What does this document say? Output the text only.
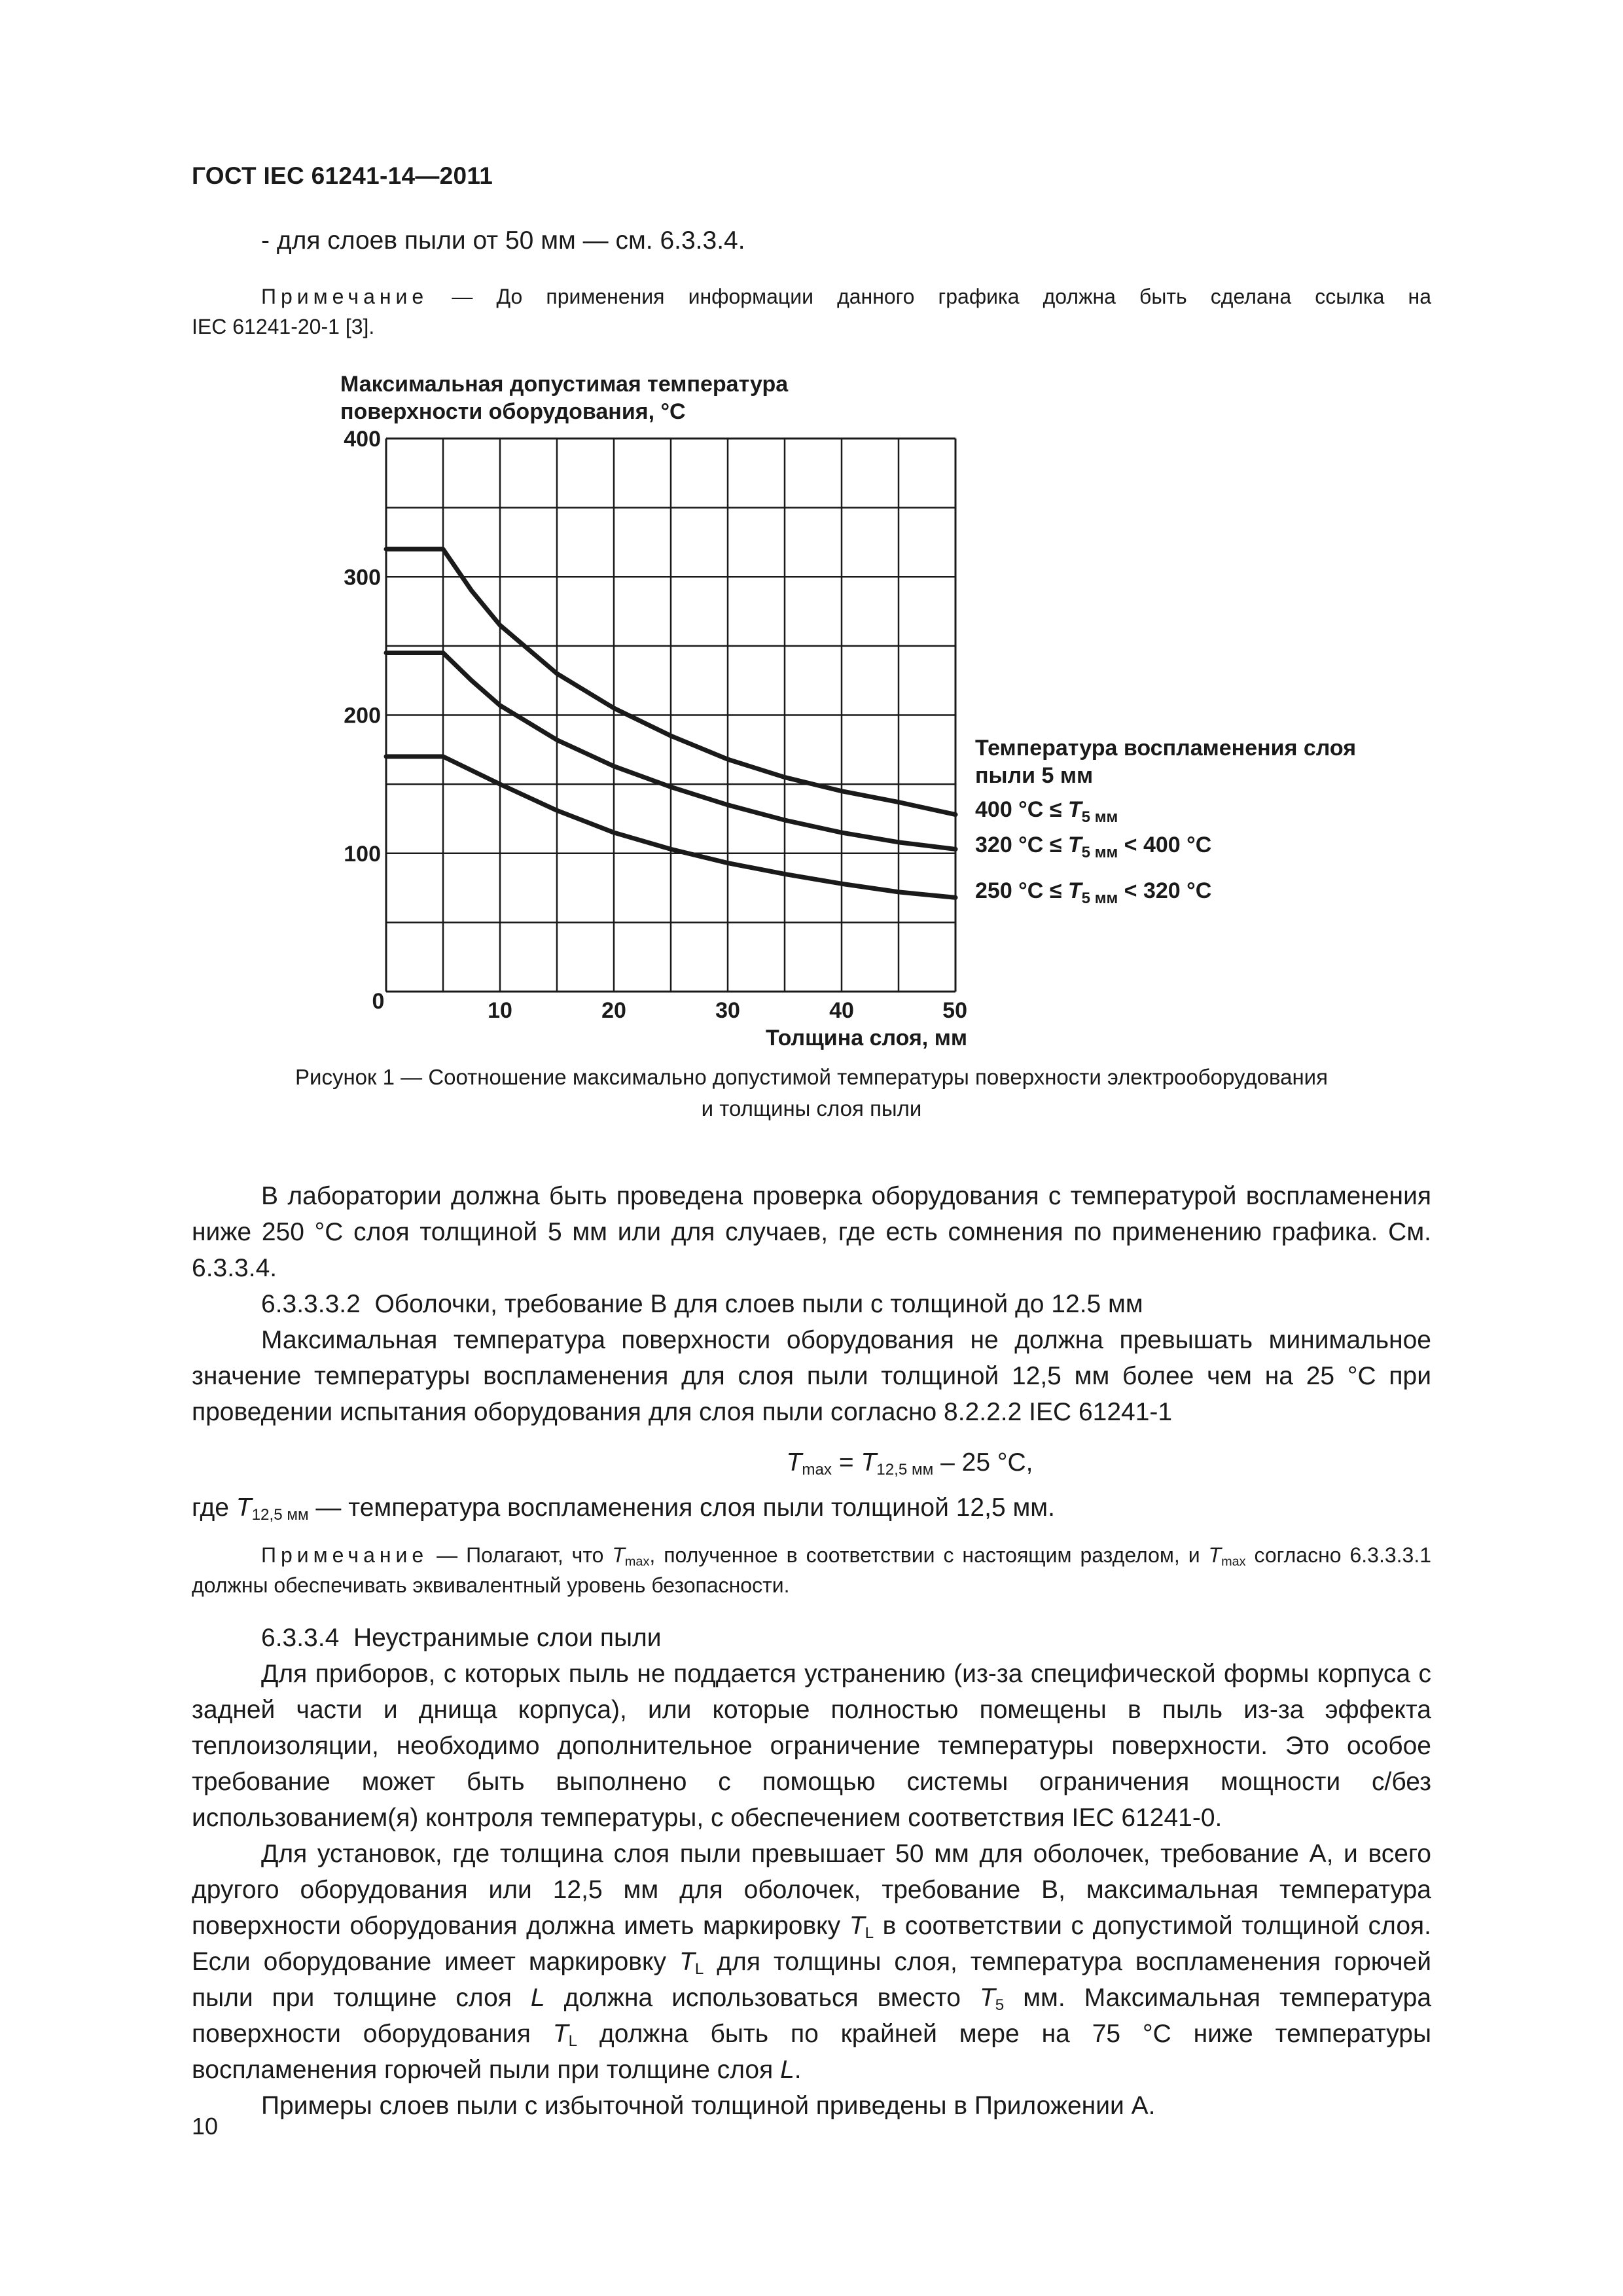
ГОСТ IEC 61241-14—2011
- для слоев пыли от 50 мм — см. 6.3.3.4.
Примечание — До применения информации данного графика должна быть сделана ссылка на
IEC 61241-20-1 [3].
100
200
300
400
0	10	20	30	40	50
Максимальная допустимая температура
поверхности оборудования, °С
Толщина слоя, мм
Температура воспламенения слоя
пыли 5 мм
400 $^\circ С \le T_{5 мм}$
320 $^\circ С \le T_{5 мм} < 400$ °С
250 $^\circ С \le T_{5 мм} < 320$ °С
Рисунок 1 — Соотношение максимально допустимой температуры поверхности электрооборудования
и толщины слоя пыли
В лаборатории должна быть проведена проверка оборудования с температурой воспламенения ниже 250 °С слоя толщиной 5 мм или для случаев, где есть сомнения по применению графика. См. 6.3.3.4.
6.3.3.3.2 Оболочки, требование В для слоев пыли с толщиной до 12.5 мм
Максимальная температура поверхности оборудования не должна превышать минимальное значение температуры воспламенения для слоя пыли толщиной 12,5 мм более чем на 25 °С при проведении испытания оборудования для слоя пыли согласно 8.2.2.2 IEC 61241-1
$T_{max} = T_{12,5 мм} - 25$ °С,
где $T_{12,5 мм}$ — температура воспламенения слоя пыли толщиной 12,5 мм.
Примечание — Полагают, что $T_{max}$, полученное в соответствии с настоящим разделом, и $T_{max}$ согласно 6.3.3.3.1 должны обеспечивать эквивалентный уровень безопасности.
6.3.3.4 Неустранимые слои пыли
Для приборов, с которых пыль не поддается устранению (из-за специфической формы корпуса с задней части и днища корпуса), или которые полностью помещены в пыль из-за эффекта теплоизоляции, необходимо дополнительное ограничение температуры поверхности. Это особое требование может быть выполнено с помощью системы ограничения мощности с/без использованием(я) контроля температуры, с обеспечением соответствия IEC 61241-0.
Для установок, где толщина слоя пыли превышает 50 мм для оболочек, требование А, и всего другого оборудования или 12,5 мм для оболочек, требование В, максимальная температура поверхности оборудования должна иметь маркировку $T_L$ в соответствии с допустимой толщиной слоя. Если оборудование имеет маркировку $T_L$ для толщины слоя, температура воспламенения горючей пыли при толщине слоя L должна использоваться вместо $T_5$ мм. Максимальная температура поверхности оборудования $T_L$ должна быть по крайней мере на 75 °С ниже температуры воспламенения горючей пыли при толщине слоя L.
Примеры слоев пыли с избыточной толщиной приведены в Приложении А.
10
